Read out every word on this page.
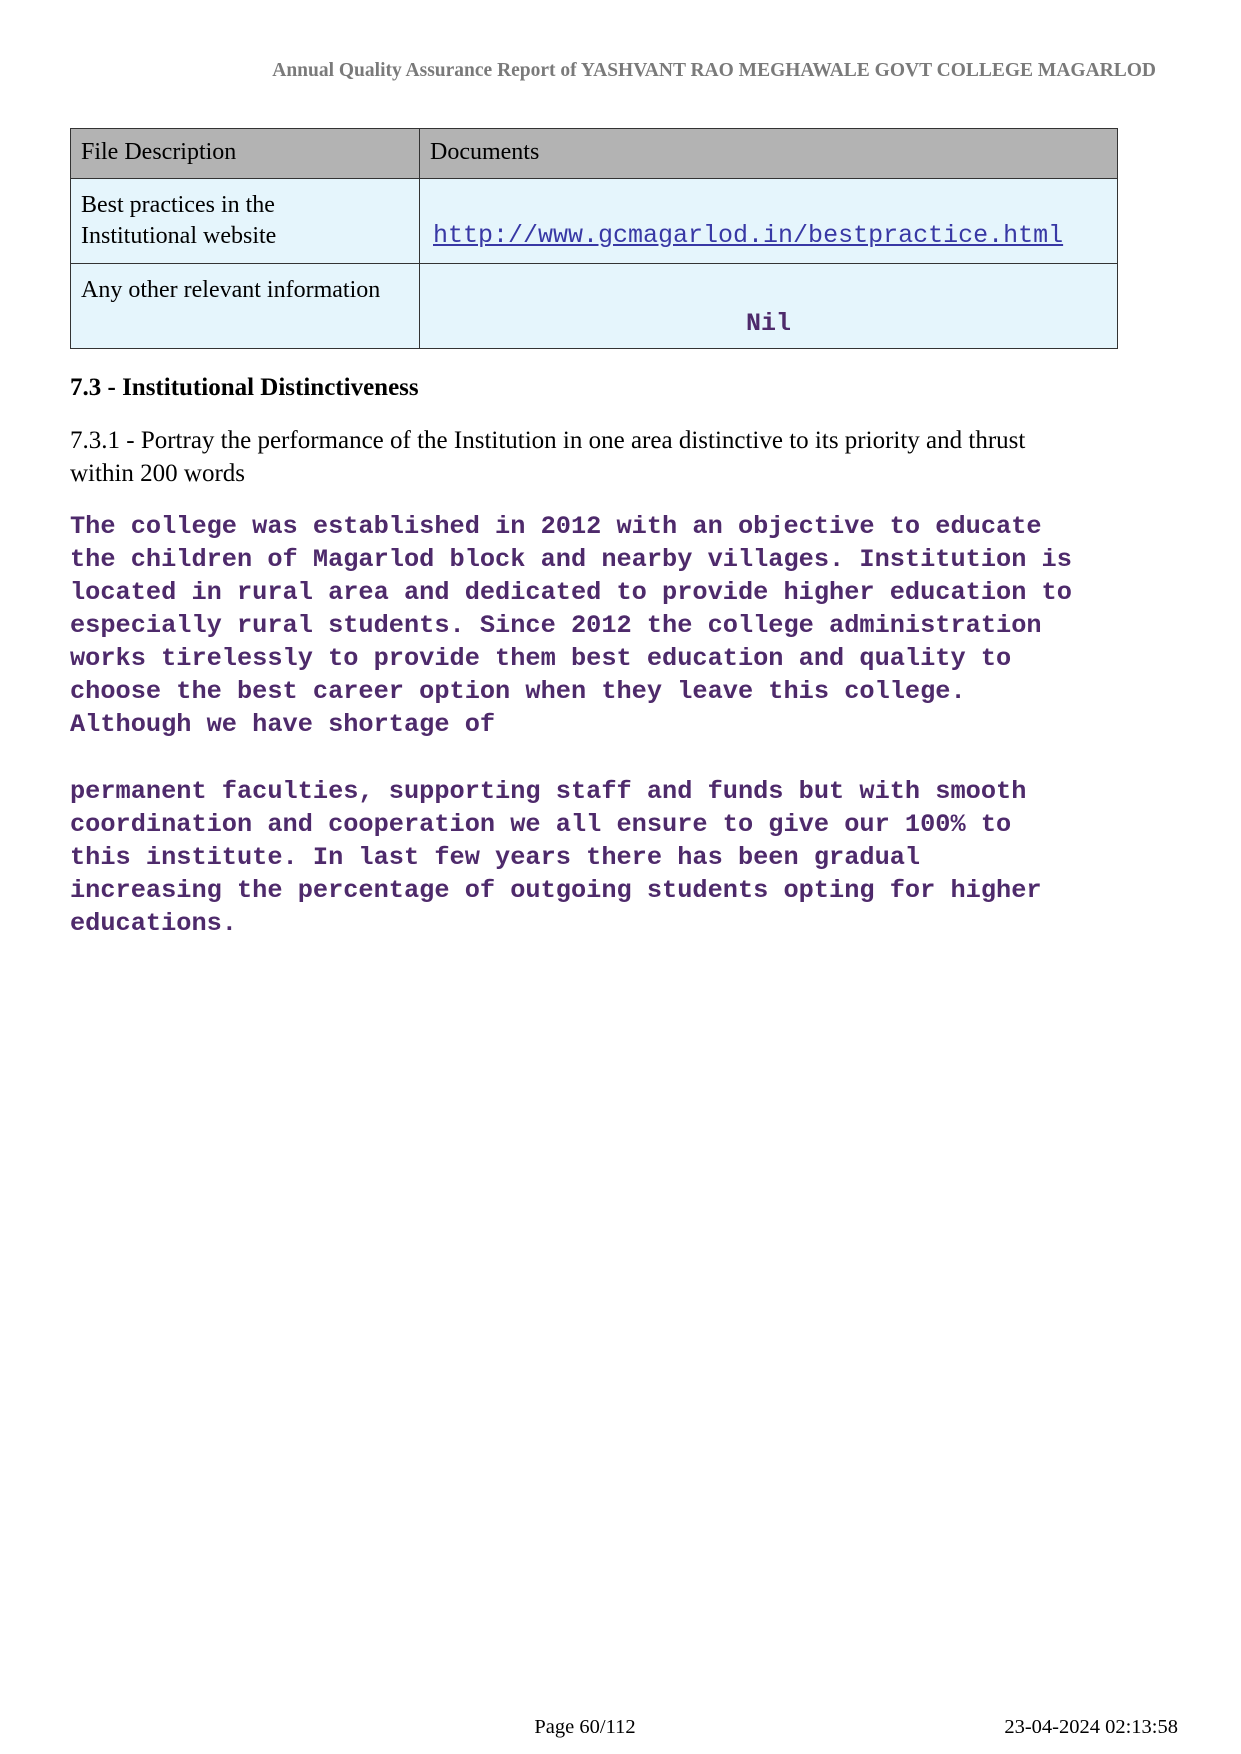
Annual Quality Assurance Report of YASHVANT RAO MEGHAWALE GOVT COLLEGE MAGARLOD
File Description	Documents
Best practices in the
Institutional website	http://www.gcmagarlod.in/bestpractice.html

Any other relevant information	Nil
7.3 - Institutional Distinctiveness
7.3.1 - Portray the performance of the Institution in one area distinctive to its priority and thrust
within 200 words
The college was established in 2012 with an objective to educate
the children of Magarlod block and nearby villages. Institution is
located in rural area and dedicated to provide higher education to
especially rural students. Since 2012 the college administration
works tirelessly to provide them best education and quality to
choose the best career option when they leave this college.
Although we have shortage of
permanent faculties, supporting staff and funds but with smooth
coordination and cooperation we all ensure to give our 100% to
this institute. In last few years there has been gradual
increasing the percentage of outgoing students opting for higher
educations.
Page 60/112	23-04-2024 02:13:58
